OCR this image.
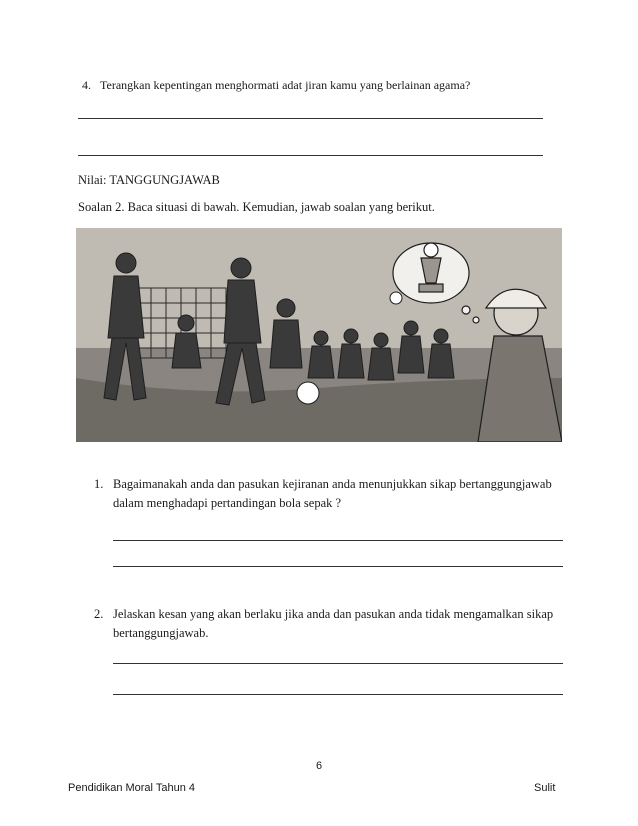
4. Terangkan kepentingan menghormati adat jiran kamu yang berlainan agama?
Nilai: TANGGUNGJAWAB
Soalan 2. Baca situasi di bawah. Kemudian, jawab soalan yang berikut.
1. Bagaimanakah anda dan pasukan kejiranan anda menunjukkan sikap bertanggungjawab dalam menghadapi pertandingan bola sepak ?
2. Jelaskan kesan yang akan berlaku jika anda dan pasukan anda tidak mengamalkan sikap bertanggungjawab.
6
Pendidikan Moral Tahun 4	Sulit
